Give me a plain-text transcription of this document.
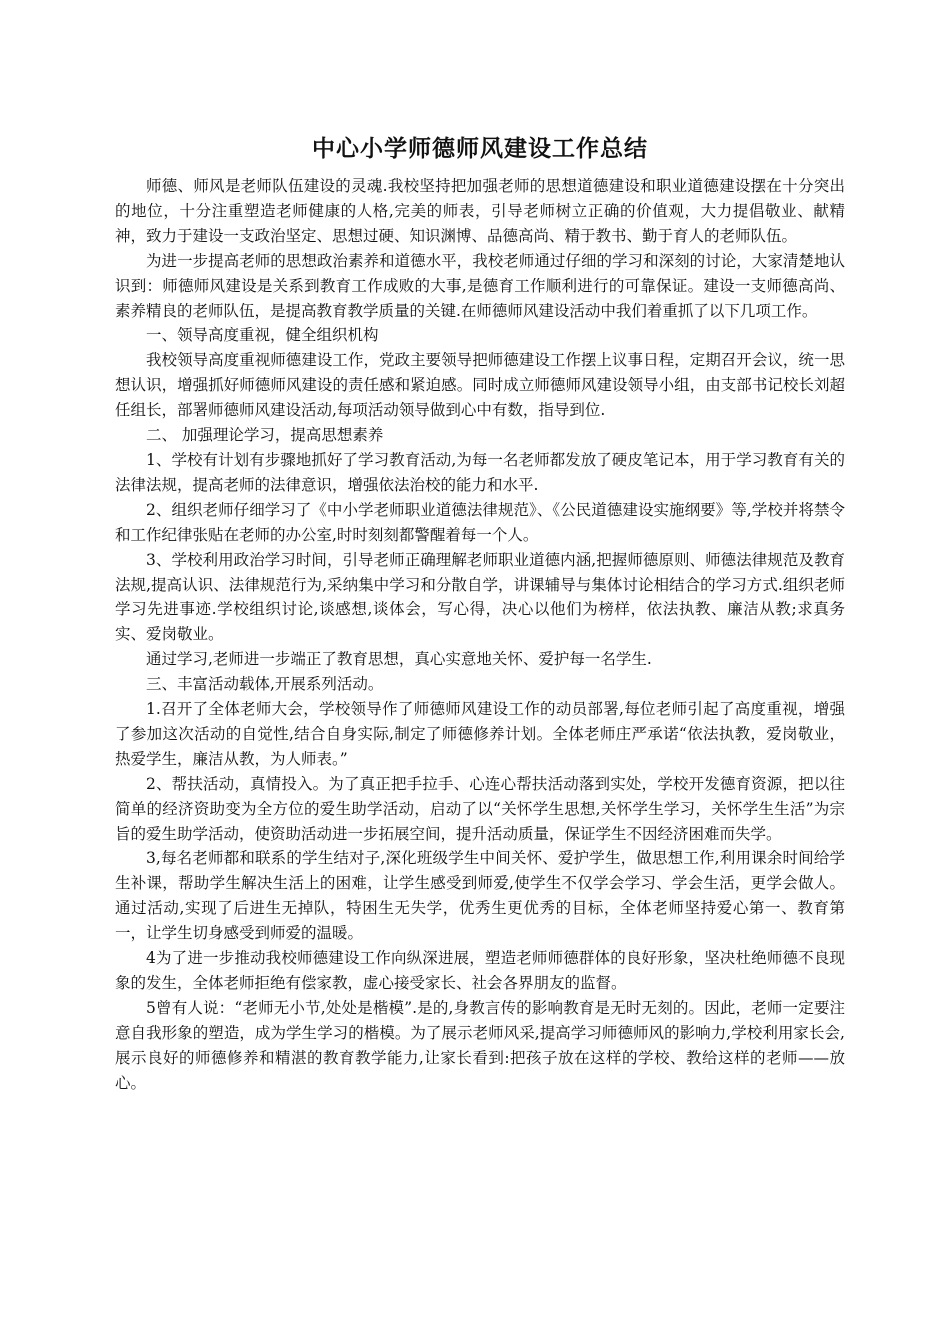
中心小学师德师风建设工作总结

师德、师风是老师队伍建设的灵魂.我校坚持把加强老师的思想道德建设和职业道德建设摆在十分突出的地位，十分注重塑造老师健康的人格,完美的师表，引导老师树立正确的价值观，大力提倡敬业、献精神，致力于建设一支政治坚定、思想过硬、知识渊博、品德高尚、精于教书、勤于育人的老师队伍。

为进一步提高老师的思想政治素养和道德水平，我校老师通过仔细的学习和深刻的讨论，大家清楚地认识到：师德师风建设是关系到教育工作成败的大事,是德育工作顺利进行的可靠保证。建设一支师德高尚、素养精良的老师队伍，是提高教育教学质量的关键.在师德师风建设活动中我们着重抓了以下几项工作。

一、领导高度重视，健全组织机构

我校领导高度重视师德建设工作，党政主要领导把师德建设工作摆上议事日程，定期召开会议，统一思想认识，增强抓好师德师风建设的责任感和紧迫感。同时成立师德师风建设领导小组，由支部书记校长刘超任组长，部署师德师风建设活动,每项活动领导做到心中有数，指导到位.

二、 加强理论学习，提高思想素养

1、学校有计划有步骤地抓好了学习教育活动,为每一名老师都发放了硬皮笔记本，用于学习教育有关的法律法规，提高老师的法律意识，增强依法治校的能力和水平.

2、组织老师仔细学习了《中小学老师职业道德法律规范》、《公民道德建设实施纲要》等,学校并将禁令和工作纪律张贴在老师的办公室,时时刻刻都警醒着每一个人。

3、学校利用政治学习时间，引导老师正确理解老师职业道德内涵,把握师德原则、师德法律规范及教育法规,提高认识、法律规范行为,采纳集中学习和分散自学，讲课辅导与集体讨论相结合的学习方式.组织老师学习先进事迹.学校组织讨论,谈感想,谈体会，写心得，决心以他们为榜样，依法执教、廉洁从教;求真务实、爱岗敬业。

通过学习,老师进一步端正了教育思想，真心实意地关怀、爱护每一名学生.

三、丰富活动载体,开展系列活动。

1.召开了全体老师大会，学校领导作了师德师风建设工作的动员部署,每位老师引起了高度重视，增强了参加这次活动的自觉性,结合自身实际,制定了师德修养计划。全体老师庄严承诺“依法执教，爱岗敬业，热爱学生，廉洁从教，为人师表。”

2、帮扶活动，真情投入。为了真正把手拉手、心连心帮扶活动落到实处，学校开发德育资源，把以往简单的经济资助变为全方位的爱生助学活动，启动了以“关怀学生思想,关怀学生学习，关怀学生生活”为宗旨的爱生助学活动，使资助活动进一步拓展空间，提升活动质量，保证学生不因经济困难而失学。

3,每名老师都和联系的学生结对子,深化班级学生中间关怀、爱护学生，做思想工作,利用课余时间给学生补课，帮助学生解决生活上的困难，让学生感受到师爱,使学生不仅学会学习、学会生活，更学会做人。通过活动,实现了后进生无掉队，特困生无失学，优秀生更优秀的目标，全体老师坚持爱心第一、教育第一，让学生切身感受到师爱的温暖。

4为了进一步推动我校师德建设工作向纵深进展，塑造老师师德群体的良好形象，坚决杜绝师德不良现象的发生，全体老师拒绝有偿家教，虚心接受家长、社会各界朋友的监督。

5曾有人说：“老师无小节,处处是楷模”.是的,身教言传的影响教育是无时无刻的。因此，老师一定要注意自我形象的塑造，成为学生学习的楷模。为了展示老师风采,提高学习师德师风的影响力,学校利用家长会,展示良好的师德修养和精湛的教育教学能力,让家长看到:把孩子放在这样的学校、教给这样的老师——放心。
